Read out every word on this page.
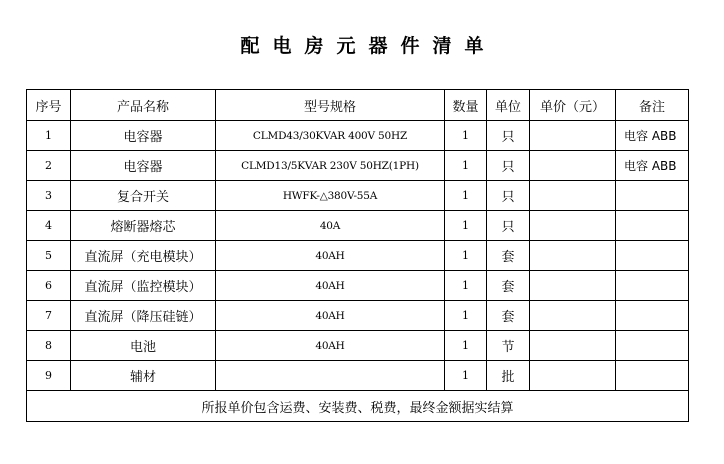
配电房元器件清单
序号	产品名称	型号规格	数量	单位	单价（元）	备注
1	电容器	CLMD43/30KVAR 400V 50HZ	1	只		电容 ABB
2	电容器	CLMD13/5KVAR 230V 50HZ(1PH)	1	只		电容 ABB
3	复合开关	HWFK-△380V-55A	1	只		
4	熔断器熔芯	40A	1	只		
5	直流屏（充电模块）	40AH	1	套		
6	直流屏（监控模块）	40AH	1	套		
7	直流屏（降压硅链）	40AH	1	套		
8	电池	40AH	1	节		
9	辅材		1	批		
所报单价包含运费、安装费、税费，最终金额据实结算						
